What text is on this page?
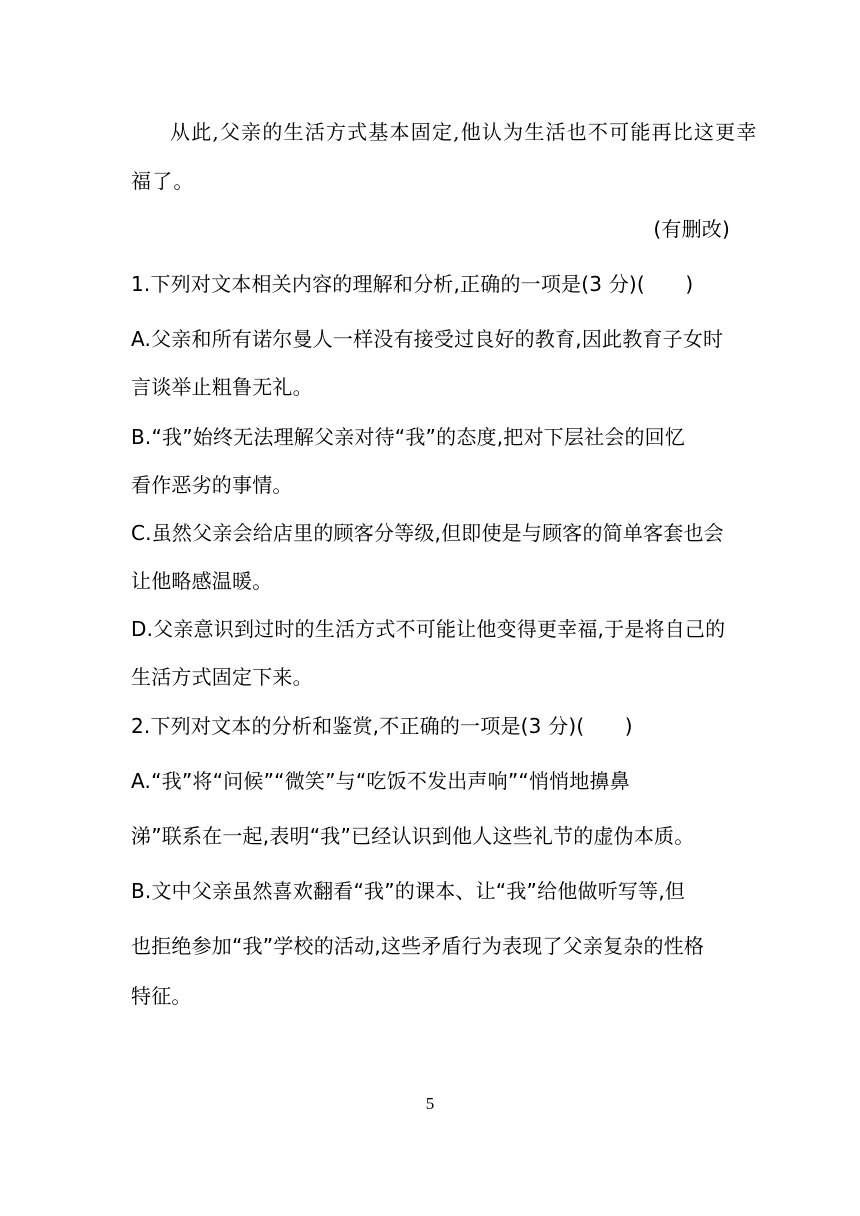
从此,父亲的生活方式基本固定,他认为生活也不可能再比这更幸
福了。
(有删改)
1.下列对文本相关内容的理解和分析,正确的一项是(3 分)(　　)
A.父亲和所有诺尔曼人一样没有接受过良好的教育,因此教育子女时
言谈举止粗鲁无礼。
B.“我”始终无法理解父亲对待“我”的态度,把对下层社会的回忆
看作恶劣的事情。
C.虽然父亲会给店里的顾客分等级,但即使是与顾客的简单客套也会
让他略感温暖。
D.父亲意识到过时的生活方式不可能让他变得更幸福,于是将自己的
生活方式固定下来。
2.下列对文本的分析和鉴赏,不正确的一项是(3 分)(　　)
A.“我”将“问候”“微笑”与“吃饭不发出声响”“悄悄地擤鼻
涕”联系在一起,表明“我”已经认识到他人这些礼节的虚伪本质。
B.文中父亲虽然喜欢翻看“我”的课本、让“我”给他做听写等,但
也拒绝参加“我”学校的活动,这些矛盾行为表现了父亲复杂的性格
特征。
5
